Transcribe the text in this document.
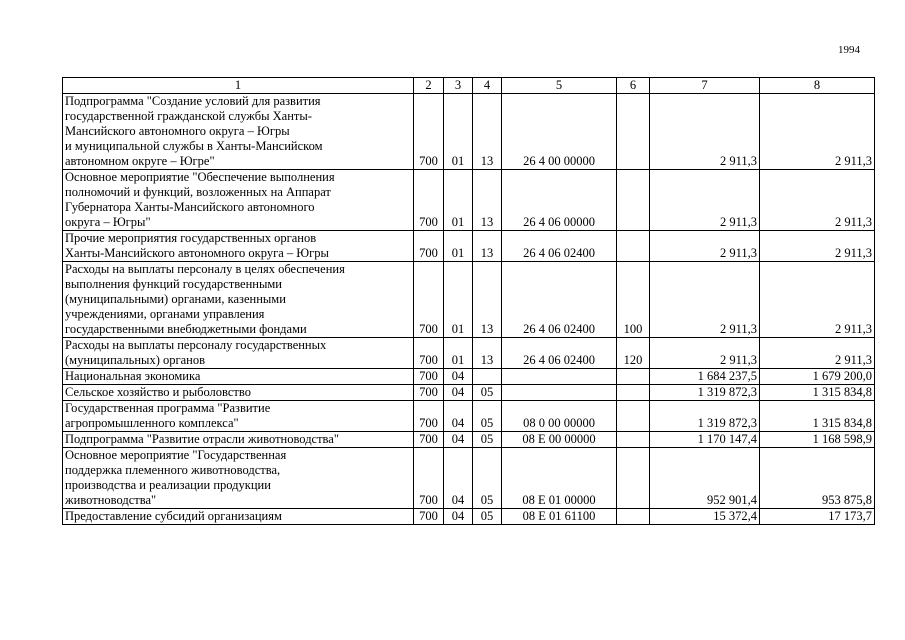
1994
1	2	3	4	5	6	7	8

Подпрограмма "Создание условий для развития
государственной гражданской службы Ханты-
Мансийского автономного округа – Югры
и муниципальной службы в Ханты-Мансийском
автономном округе – Югре"	700	01	13	26 4 00 00000		2 911,3	2 911,3

Основное мероприятие "Обеспечение выполнения
полномочий и функций, возложенных на Аппарат
Губернатора Ханты-Мансийского автономного
округа – Югры"	700	01	13	26 4 06 00000		2 911,3	2 911,3

Прочие мероприятия государственных органов
Ханты-Мансийского автономного округа – Югры	700	01	13	26 4 06 02400		2 911,3	2 911,3

Расходы на выплаты персоналу в целях обеспечения
выполнения функций государственными
(муниципальными) органами, казенными
учреждениями, органами управления
государственными внебюджетными фондами	700	01	13	26 4 06 02400	100	2 911,3	2 911,3

Расходы на выплаты персоналу государственных
(муниципальных) органов	700	01	13	26 4 06 02400	120	2 911,3	2 911,3

Национальная экономика	700	04				1 684 237,5	1 679 200,0

Сельское хозяйство и рыболовство	700	04	05			1 319 872,3	1 315 834,8

Государственная программа "Развитие
агропромышленного комплекса"	700	04	05	08 0 00 00000		1 319 872,3	1 315 834,8

Подпрограмма "Развитие отрасли животноводства"	700	04	05	08 Е 00 00000		1 170 147,4	1 168 598,9

Основное мероприятие "Государственная
поддержка племенного животноводства,
производства и реализации продукции
животноводства"	700	04	05	08 Е 01 00000		952 901,4	953 875,8

Предоставление субсидий организациям	700	04	05	08 Е 01 61100		15 372,4	17 173,7
